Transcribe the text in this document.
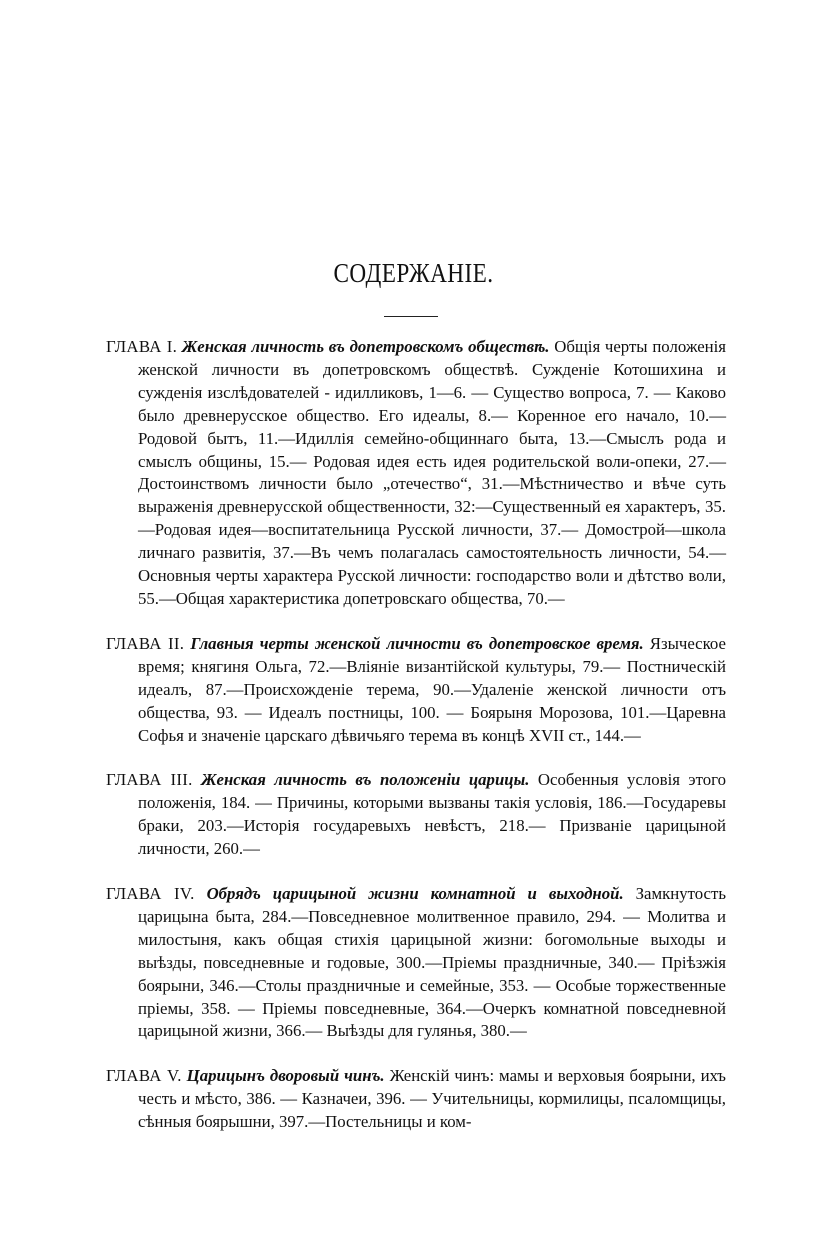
СОДЕРЖАНІЕ.

ГЛАВА I. Женская личность въ допетровскомъ обществѣ. Общія черты положенія женской личности въ допетровскомъ обществѣ. Сужденіе Котошихина и сужденія изслѣдователей - идилликовъ, 1—6. — Существо вопроса, 7. — Каково было древнерусское общество. Его идеалы, 8.— Коренное его начало, 10.—Родовой бытъ, 11.—Идиллія семейно-общиннаго быта, 13.—Смыслъ рода и смыслъ общины, 15.— Родовая идея есть идея родительской воли-опеки, 27.—Достоинствомъ личности было „отечество“, 31.—Мѣстничество и вѣче суть выраженія древнерусской общественности, 32:—Существенный ея характеръ, 35.—Родовая идея—воспитательница Русской личности, 37.— Домострой—школа личнаго развитія, 37.—Въ чемъ полагалась самостоятельность личности, 54.— Основныя черты характера Русской личности: господарство воли и дѣтство воли, 55.—Общая характеристика допетровскаго общества, 70.—

ГЛАВА II. Главныя черты женской личности въ допетровское время. Языческое время; княгиня Ольга, 72.—Вліяніе византійской культуры, 79.— Постническій идеалъ, 87.—Происхожденіе терема, 90.—Удаленіе женской личности отъ общества, 93. — Идеалъ постницы, 100. — Боярыня Морозова, 101.—Царевна Софья и значеніе царскаго дѣвичьяго терема въ концѣ XVII ст., 144.—

ГЛАВА III. Женская личность въ положеніи царицы. Особенныя условія этого положенія, 184. — Причины, которыми вызваны такія условія, 186.—Государевы браки, 203.—Исторія государевыхъ невѣстъ, 218.— Призваніе царицыной личности, 260.—

ГЛАВА IV. Обрядъ царицыной жизни комнатной и выходной. Замкнутость царицына быта, 284.—Повседневное молитвенное правило, 294. — Молитва и милостыня, какъ общая стихія царицыной жизни: богомольные выходы и выѣзды, повседневные и годовые, 300.—Пріемы праздничные, 340.— Пріѣзжія боярыни, 346.—Столы праздничные и семейные, 353. — Особые торжественные пріемы, 358. — Пріемы повседневные, 364.—Очеркъ комнатной повседневной царицыной жизни, 366.— Выѣзды для гулянья, 380.—

ГЛАВА V. Царицынъ дворовый чинъ. Женскій чинъ: мамы и верховыя боярыни, ихъ честь и мѣсто, 386. — Казначеи, 396. — Учительницы, кормилицы, псаломщицы, сѣнныя боярышни, 397.—Постельницы и ком-
